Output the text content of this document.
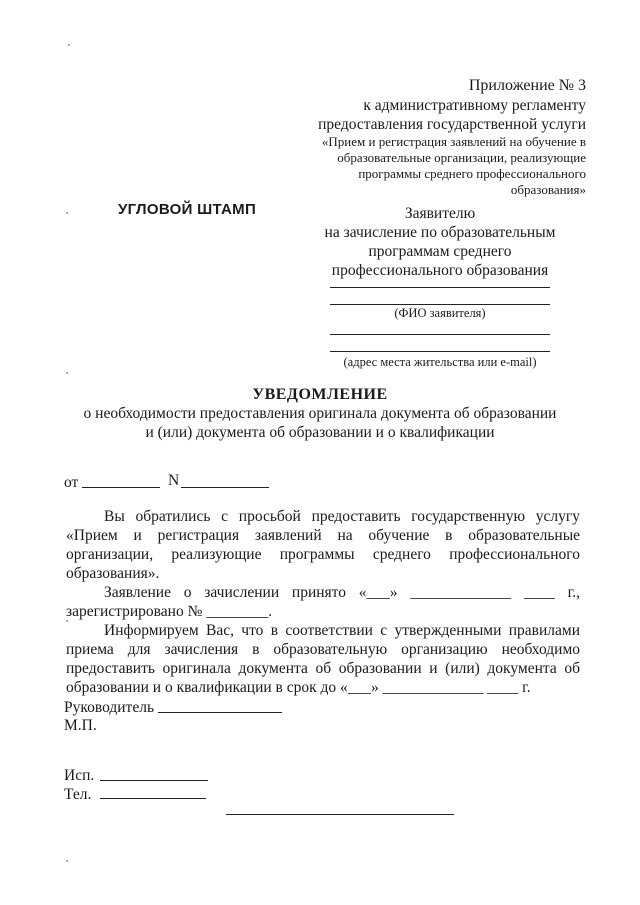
Приложение № 3
к административному регламенту
предоставления государственной услуги
«Прием и регистрация заявлений на обучение в
образовательные организации, реализующие
программы среднего профессионального
образования»
УГЛОВОЙ ШТАМП	Заявителю
на зачисление по образовательным
программам среднего
профессионального образования
(ФИО заявителя)
(адрес места жительства или e-mail)
УВЕДОМЛЕНИЕ
о необходимости предоставления оригинала документа об образовании
и (или) документа об образовании и о квалификации
от	N

Вы обратились с просьбой предоставить государственную услугу «Прием и регистрация заявлений на обучение в образовательные организации, реализующие программы среднего профессионального образования».

Заявление о зачислении принято «___» _____________ ____ г.,

зарегистрировано № ________.

Информируем Вас, что в соответствии с утвержденными правилами приема для зачисления в образовательную организацию необходимо предоставить оригинала документа об образовании и (или) документа об образовании и о квалификации в срок до «___» _____________ ____ г.

Руководитель
М.П.
Исп.
Тел.
